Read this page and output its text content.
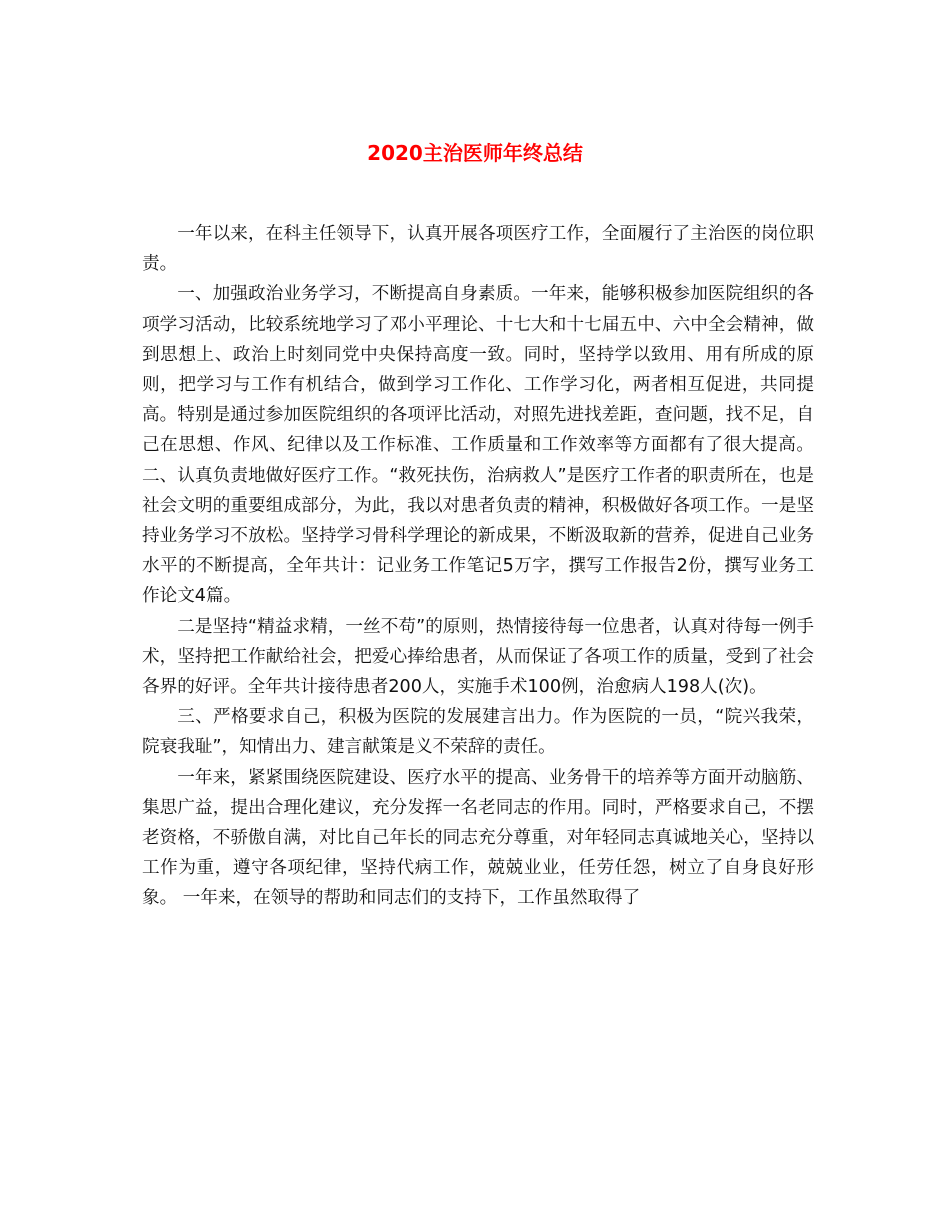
2020主治医师年终总结

一年以来，在科主任领导下，认真开展各项医疗工作，全面履行了主治医的岗位职责。

一、加强政治业务学习，不断提高自身素质。一年来，能够积极参加医院组织的各项学习活动，比较系统地学习了邓小平理论、十七大和十七届五中、六中全会精神，做到思想上、政治上时刻同党中央保持高度一致。同时，坚持学以致用、用有所成的原则，把学习与工作有机结合，做到学习工作化、工作学习化，两者相互促进，共同提高。特别是通过参加医院组织的各项评比活动，对照先进找差距，查问题，找不足，自己在思想、作风、纪律以及工作标准、工作质量和工作效率等方面都有了很大提高。 二、认真负责地做好医疗工作。“救死扶伤，治病救人”是医疗工作者的职责所在，也是社会文明的重要组成部分，为此，我以对患者负责的精神，积极做好各项工作。一是坚持业务学习不放松。坚持学习骨科学理论的新成果，不断汲取新的营养，促进自己业务水平的不断提高，全年共计：记业务工作笔记5万字，撰写工作报告2份，撰写业务工作论文4篇。

二是坚持“精益求精，一丝不苟”的原则，热情接待每一位患者，认真对待每一例手术，坚持把工作献给社会，把爱心捧给患者，从而保证了各项工作的质量，受到了社会各界的好评。全年共计接待患者200人，实施手术100例，治愈病人198人(次)。

三、严格要求自己，积极为医院的发展建言出力。作为医院的一员，“院兴我荣，院衰我耻”，知情出力、建言献策是义不荣辞的责任。

一年来，紧紧围绕医院建设、医疗水平的提高、业务骨干的培养等方面开动脑筋、集思广益，提出合理化建议，充分发挥一名老同志的作用。同时，严格要求自己，不摆老资格，不骄傲自满，对比自己年长的同志充分尊重，对年轻同志真诚地关心，坚持以工作为重，遵守各项纪律，坚持代病工作，兢兢业业，任劳任怨，树立了自身良好形象。 一年来，在领导的帮助和同志们的支持下，工作虽然取得了
